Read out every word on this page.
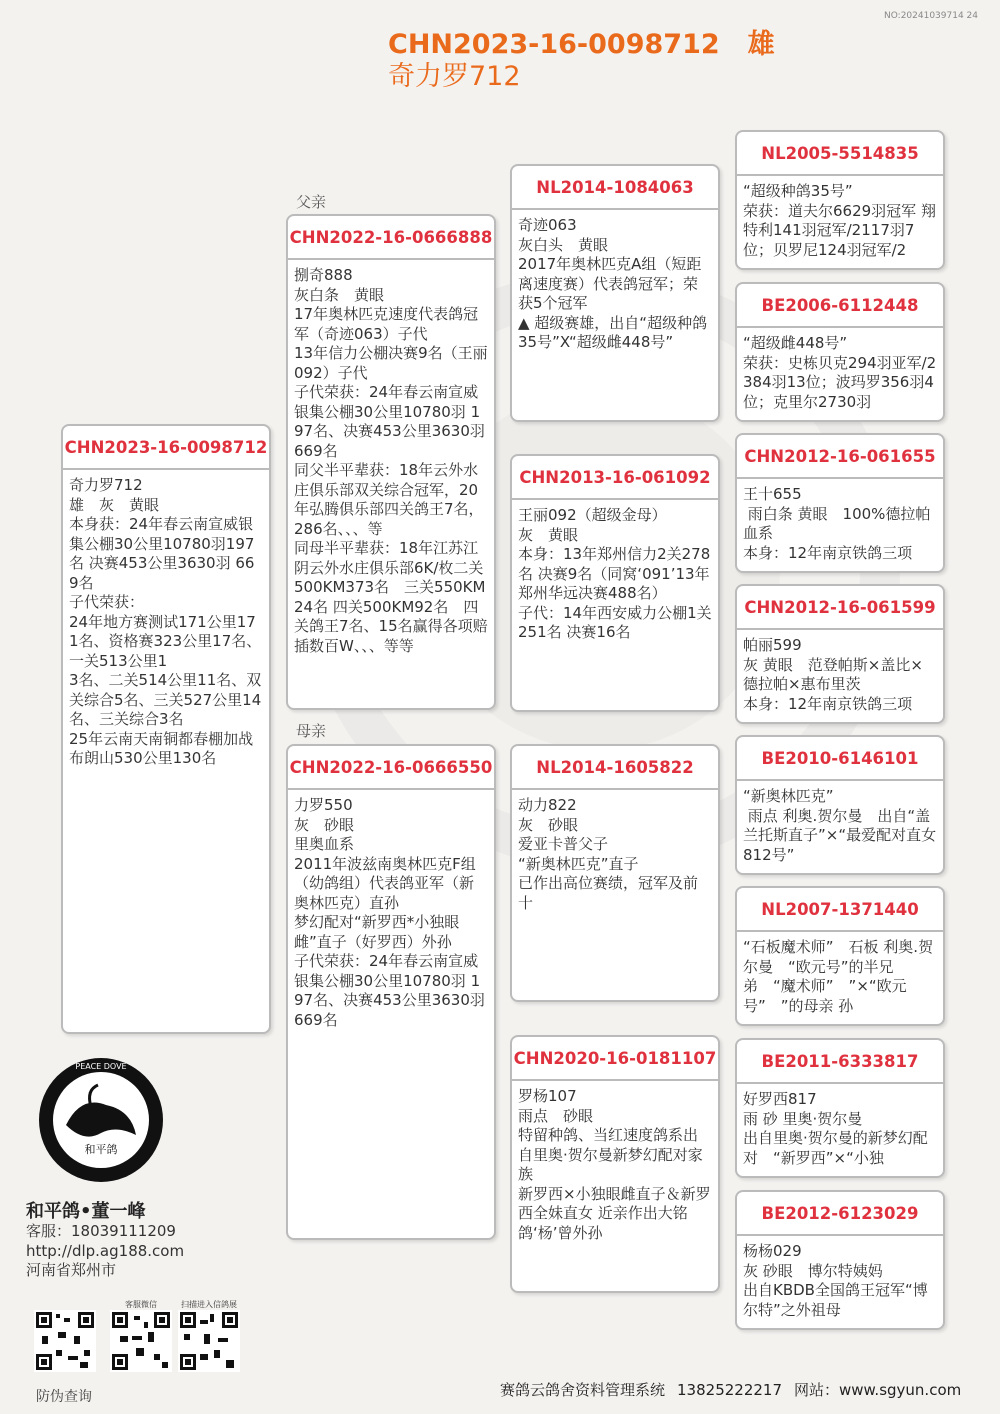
NO:20241039714 24
CHN2023-16-0098712 雄
奇力罗712
CHN2023-16-0098712
奇力罗712
雄　灰　黄眼
本身获：24年春云南宣威银集公棚30公里10780羽197名 决赛453公里3630羽 669名
子代荣获：
24年地方赛测试171公里171名、资格赛323公里17名、一关513公里1
3名、二关514公里11名、双关综合5名、三关527公里14名、三关综合3名
25年云南天南铜都春棚加战布朗山530公里130名
父亲
CHN2022-16-0666888
捌奇888
灰白条　黄眼
17年奥林匹克速度代表鸽冠军（奇迹063）子代
13年信力公棚决赛9名（王丽092）子代
子代荣获：24年春云南宣威银集公棚30公里10780羽 197名、决赛453公里3630羽 669名
同父半平辈获：18年云外水庄俱乐部双关综合冠军，20年弘腾俱乐部四关鸽王7名，286名、、、等
同母半平辈获：18年江苏江阴云外水庄俱乐部6K/枚二关500KM373名　三关550KM24名 四关500KM92名　四关鸽王7名、15名赢得各项赔插数百W、、、等等
母亲
CHN2022-16-0666550
力罗550
灰　砂眼
里奥血系
2011年波兹南奥林匹克F组（幼鸽组）代表鸽亚军（新奥林匹克）直孙
梦幻配对“新罗西*小独眼雌”直子（好罗西）外孙
子代荣获：24年春云南宣威银集公棚30公里10780羽 197名、决赛453公里3630羽 669名
NL2014-1084063
奇迹063
灰白头　黄眼
2017年奥林匹克A组（短距离速度赛）代表鸽冠军；荣获5个冠军
▲ 超级赛雄，出自“超级种鸽35号”X“超级雌448号”
CHN2013-16-061092
王丽092（超级金母）
灰　黄眼
本身：13年郑州信力2关278名 决赛9名（同窝‘091’13年郑州华远决赛488名）
子代：14年西安威力公棚1关251名 决赛16名
NL2014-1605822
动力822
灰　砂眼
爱亚卡普父子
“新奥林匹克”直子
已作出高位赛绩，冠军及前十
CHN2020-16-0181107
罗杨107
雨点　砂眼
特留种鸽、当红速度鸽系出自里奥·贺尔曼新梦幻配对家族
新罗西×小独眼雌直子＆新罗西全妹直女 近亲作出大铭鸽‘杨’曾外孙
NL2005-5514835
“超级种鸽35号”
荣获：道夫尔6629羽冠军 翔特利141羽冠军/2117羽7位；贝罗尼124羽冠军/2
BE2006-6112448
“超级雌448号”
荣获：史栋贝克294羽亚军/2384羽13位；波玛罗356羽4位；克里尔2730羽
CHN2012-16-061655
王十655
雨白条 黄眼　100%德拉帕血系
本身：12年南京铁鸽三项
CHN2012-16-061599
帕丽599
灰 黄眼　范登帕斯×盖比×德拉帕×惠布里茨
本身：12年南京铁鸽三项
BE2010-6146101
“新奥林匹克”
雨点 利奥.贺尔曼　出自“盖兰托斯直子”×“最爱配对直女812号”
NL2007-1371440
“石板魔术师”　石板 利奥.贺尔曼　“欧元号”的半兄弟　“魔术师”　”×“欧元号”　”的母亲 孙
BE2011-6333817
好罗西817
雨 砂 里奥·贺尔曼
出自里奥·贺尔曼的新梦幻配对　“新罗西”×“小独
BE2012-6123029
杨杨029
灰 砂眼　博尔特姨妈
出自KBDB全国鸽王冠军“博尔特”之外祖母
和平鸽
PEACE DOVE
和平鸽•董一峰
客服：18039111209
http://dlp.ag188.com
河南省郑州市
客服微信	扫描进入信鸽展
防伪查询	赛鸽云鸽舍资料管理系统 13825222217 网站：www.sgyun.com
